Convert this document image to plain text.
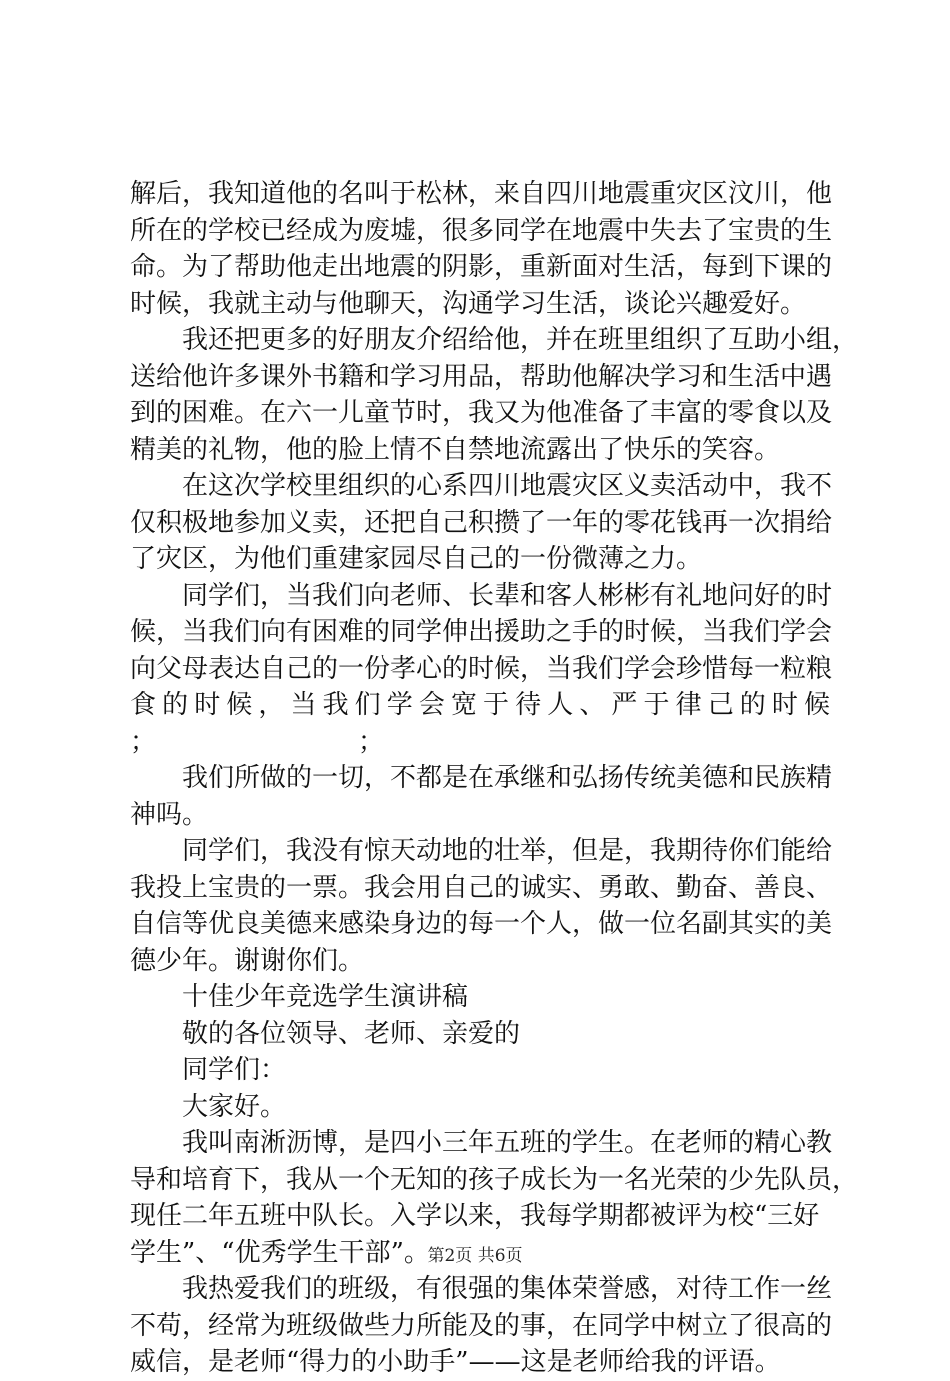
解后，我知道他的名叫于松林，来自四川地震重灾区汶川，他
所在的学校已经成为废墟，很多同学在地震中失去了宝贵的生
命。为了帮助他走出地震的阴影，重新面对生活，每到下课的
时候，我就主动与他聊天，沟通学习生活，谈论兴趣爱好。
我还把更多的好朋友介绍给他，并在班里组织了互助小组，
送给他许多课外书籍和学习用品，帮助他解决学习和生活中遇
到的困难。在六一儿童节时，我又为他准备了丰富的零食以及
精美的礼物，他的脸上情不自禁地流露出了快乐的笑容。
在这次学校里组织的心系四川地震灾区义卖活动中，我不
仅积极地参加义卖，还把自己积攒了一年的零花钱再一次捐给
了灾区，为他们重建家园尽自己的一份微薄之力。
同学们，当我们向老师、长辈和客人彬彬有礼地问好的时
候，当我们向有困难的同学伸出援助之手的时候，当我们学会
向父母表达自己的一份孝心的时候，当我们学会珍惜每一粒粮
食 的 时 候 ， 当 我 们 学 会 宽 于 待 人 、 严 于 律 己 的 时 候
；	；
我们所做的一切，不都是在承继和弘扬传统美德和民族精
神吗。
同学们，我没有惊天动地的壮举，但是，我期待你们能给
我投上宝贵的一票。我会用自己的诚实、勇敢、勤奋、善良、
自信等优良美德来感染身边的每一个人，做一位名副其实的美
德少年。谢谢你们。
十佳少年竞选学生演讲稿
敬的各位领导、老师、亲爱的
同学们：
大家好。
我叫南淅沥博，是四小三年五班的学生。在老师的精心教
导和培育下，我从一个无知的孩子成长为一名光荣的少先队员，
现任二年五班中队长。入学以来，我每学期都被评为校“三好
学生”、“优秀学生干部”。
我热爱我们的班级，有很强的集体荣誉感，对待工作一丝
不苟，经常为班级做些力所能及的事，在同学中树立了很高的
威信，是老师“得力的小助手”——这是老师给我的评语。
第2页 共6页
